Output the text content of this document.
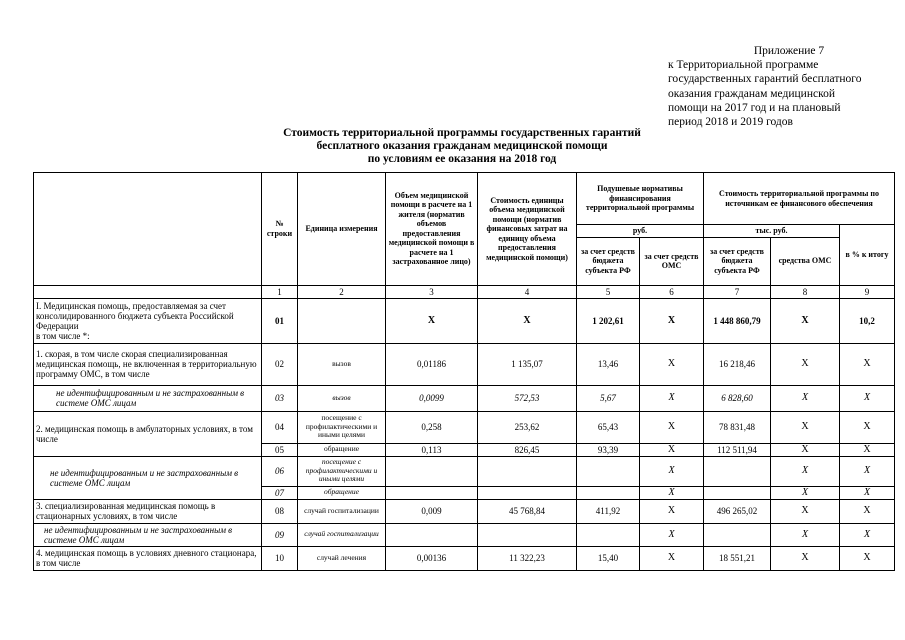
Приложение 7
к Территориальной программе
государственных гарантий бесплатного
оказания гражданам медицинской
помощи на 2017 год и на плановый
период 2018 и 2019 годов
Стоимость территориальной программы государственных гарантий
бесплатного оказания гражданам медицинской помощи
по условиям ее оказания на 2018 год
	№ строки	Единица измерения	Объем медицинской помощи в расчете на 1 жителя (норматив объемов предоставления медицинской помощи в расчете на 1 застрахованное лицо)	Стоимость единицы объема медицинской помощи (норматив финансовых затрат на единицу объема предоставления медицинской помощи)	Подушевые нормативы финансирования территориальной программы		Стоимость территориальной программы по источникам ее финансового обеспечения		
					руб.		тыс. руб.		в % к итогу
					за счет средств бюджета субъекта РФ	за счет средств ОМС	за счет средств бюджета субъекта РФ	средства ОМС	
	1	2	3	4	5	6	7	8	9
I. Медицинская помощь, предоставляемая за счет консолидированного бюджета субъекта Российской Федерации
в том числе *:	01		Х	Х	1 202,61	Х	1 448 860,79	Х	10,2
1. скорая, в том числе скорая специализированная медицинская помощь, не включенная в территориальную программу ОМС, в том числе	02	вызов	0,01186	1 135,07	13,46	Х	16 218,46	Х	Х
не идентифицированным и не застрахованным в системе ОМС лицам	03	вызов	0,0099	572,53	5,67	Х	6 828,60	Х	Х
2. медицинская помощь в амбулаторных условиях, в том числе	04	посещение с профилактическими и иными целями	0,258	253,62	65,43	Х	78 831,48	Х	Х
	05	обращение	0,113	826,45	93,39	Х	112 511,94	Х	Х
не идентифицированным и не застрахованным в системе ОМС лицам	06	посещение с профилактическими и иными целями				Х		Х	Х
	07	обращение				Х		Х	Х
3. специализированная медицинская помощь в стационарных условиях, в том числе	08	случай госпитализации	0,009	45 768,84	411,92	Х	496 265,02	Х	Х
не идентифицированным и не застрахованным в системе ОМС лицам	09	случай госпитализации				Х		Х	Х
4. медицинская помощь в условиях дневного стационара, в том числе	10	случай лечения	0,00136	11 322,23	15,40	Х	18 551,21	Х	Х
